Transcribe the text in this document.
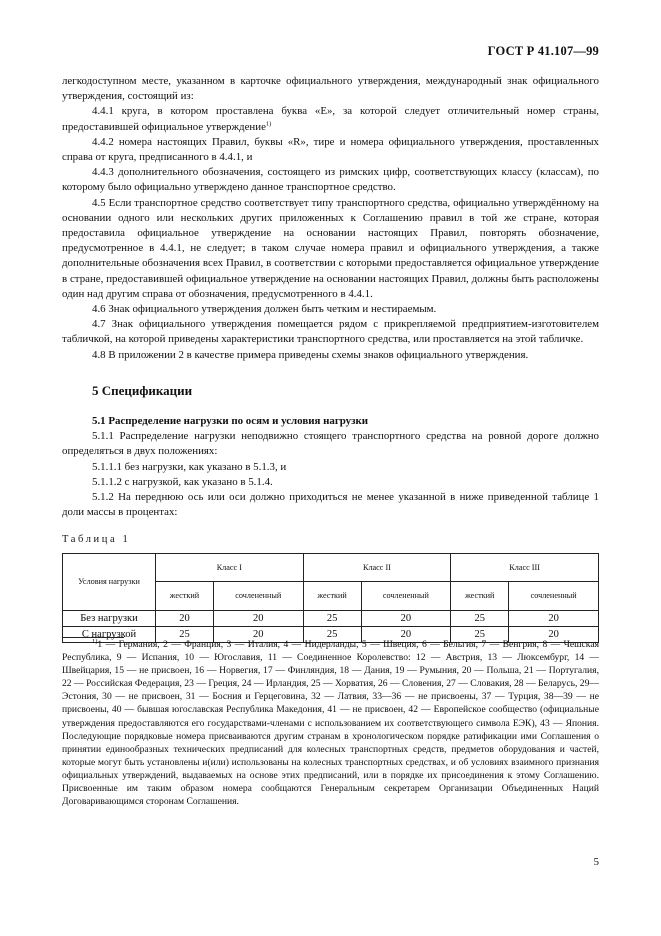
ГОСТ Р 41.107—99

легкодоступном месте, указанном в карточке официального утверждения, международный знак официального утверждения, состоящий из:

4.4.1 круга, в котором проставлена буква «Е», за которой следует отличительный номер страны, предоставившей официальное утверждение$^{1)}$

4.4.2 номера настоящих Правил, буквы «R», тире и номера официального утверждения, проставленных справа от круга, предписанного в 4.4.1, и

4.4.3 дополнительного обозначения, состоящего из римских цифр, соответствующих классу (классам), по которому было официально утверждено данное транспортное средство.

4.5 Если транспортное средство соответствует типу транспортного средства, официально утверждённому на основании одного или нескольких других приложенных к Соглашению правил в той же стране, которая предоставила официальное утверждение на основании настоящих Правил, повторять обозначение, предусмотренное в 4.4.1, не следует; в таком случае номера правил и официального утверждения, а также дополнительные обозначения всех Правил, в соответствии с которыми предоставляется официальное утверждение в стране, предоставившей официальное утверждение на основании настоящих Правил, должны быть расположены один над другим справа от обозначения, предусмотренного в 4.4.1.

4.6 Знак официального утверждения должен быть четким и нестираемым.

4.7 Знак официального утверждения помещается рядом с прикрепляемой предприятием-изготовителем табличкой, на которой приведены характеристики транспортного средства, или проставляется на этой табличке.

4.8 В приложении 2 в качестве примера приведены схемы знаков официального утверждения.

5 Спецификации

5.1 Распределение нагрузки по осям и условия нагрузки

5.1.1 Распределение нагрузки неподвижно стоящего транспортного средства на ровной дороге должно определяться в двух положениях:

5.1.1.1 без нагрузки, как указано в 5.1.3, и

5.1.1.2 с нагрузкой, как указано в 5.1.4.

5.1.2 На переднюю ось или оси должно приходиться не менее указанной в ниже приведенной таблице 1 доли массы в процентах:

Таблица 1
Условия нагрузки	Класс I		Класс II		Класс III	
	жесткий	сочлененный	жесткий	сочлененный	жесткий	сочлененный
Без нагрузки	20	20	25	20	25	20
С нагрузкой	25	20	25	20	25	20

$^{1)}$1 — Германия, 2 — Франция, 3 — Италия, 4 — Нидерланды, 5 — Швеция, 6 — Бельгия, 7 — Венгрия, 8 — Чешская Республика, 9 — Испания, 10 — Югославия, 11 — Соединенное Королевство: 12 — Австрия, 13 — Люксембург, 14 — Швейцария, 15 — не присвоен, 16 — Норвегия, 17 — Финляндия, 18 — Дания, 19 — Румыния, 20 — Польша, 21 — Португалия, 22 — Российская Федерация, 23 — Греция, 24 — Ирландия, 25 — Хорватия, 26 — Словения, 27 — Словакия, 28 — Беларусь, 29— Эстония, 30 — не присвоен, 31 — Босния и Герцеговина, 32 — Латвия, 33—36 — не присвоены, 37 — Турция, 38—39 — не присвоены, 40 — бывшая югославская Республика Македония, 41 — не присвоен, 42 — Европейское сообщество (официальные утверждения предоставляются его государствами-членами с использованием их соответствующего символа ЕЭК), 43 — Япония. Последующие порядковые номера присваиваются другим странам в хронологическом порядке ратификации ими Соглашения о принятии единообразных технических предписаний для колесных транспортных средств, предметов оборудования и частей, которые могут быть установлены и(или) использованы на колесных транспортных средствах, и об условиях взаимного признания официальных утверждений, выдаваемых на основе этих предписаний, или в порядке их присоединения к этому Соглашению. Присвоенные им таким образом номера сообщаются Генеральным секретарем Организации Объединенных Наций Договаривающимся сторонам Соглашения.

5
